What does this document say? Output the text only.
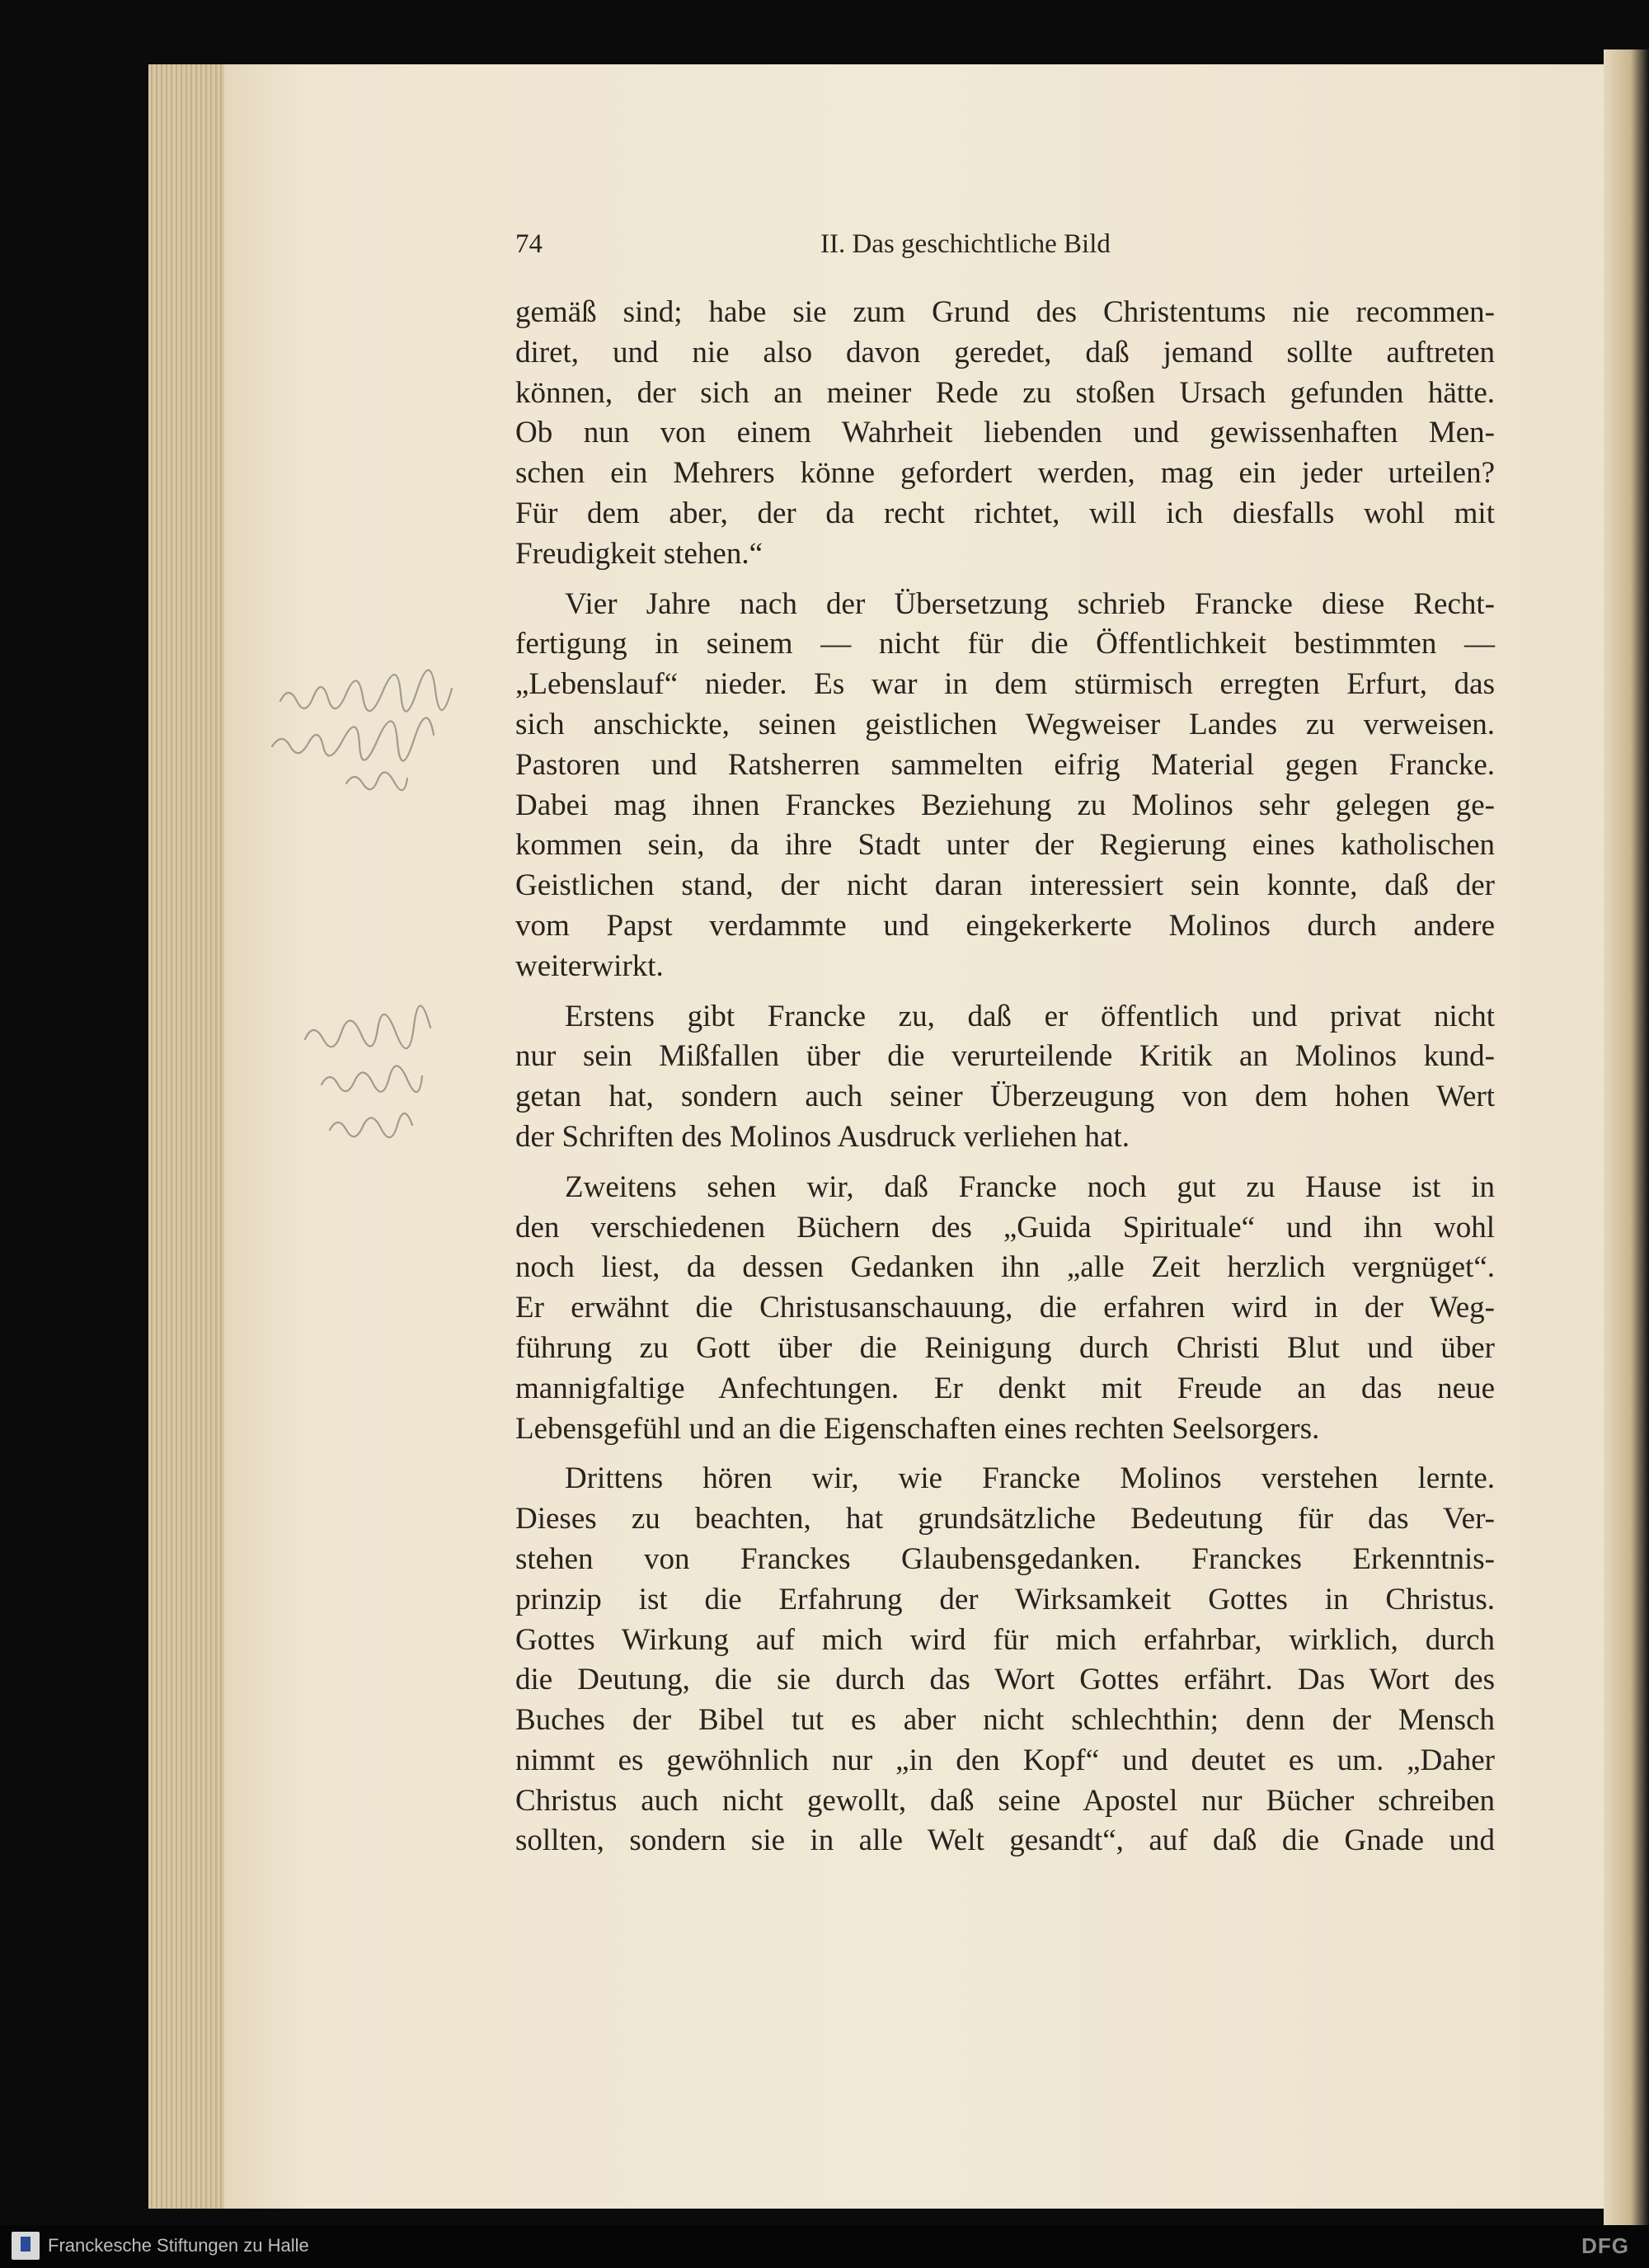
74	II. Das geschichtliche Bild
gemäß sind; habe sie zum Grund des Christentums nie recommen-
diret, und nie also davon geredet, daß jemand sollte auftreten
können, der sich an meiner Rede zu stoßen Ursach gefunden hätte.
Ob nun von einem Wahrheit liebenden und gewissenhaften Men-
schen ein Mehrers könne gefordert werden, mag ein jeder urteilen?
Für dem aber, der da recht richtet, will ich diesfalls wohl mit
Freudigkeit stehen.“
Vier Jahre nach der Übersetzung schrieb Francke diese Recht-
fertigung in seinem — nicht für die Öffentlichkeit bestimmten —
„Lebenslauf“ nieder. Es war in dem stürmisch erregten Erfurt, das
sich anschickte, seinen geistlichen Wegweiser Landes zu verweisen.
Pastoren und Ratsherren sammelten eifrig Material gegen Francke.
Dabei mag ihnen Franckes Beziehung zu Molinos sehr gelegen ge-
kommen sein, da ihre Stadt unter der Regierung eines katholischen
Geistlichen stand, der nicht daran interessiert sein konnte, daß der
vom Papst verdammte und eingekerkerte Molinos durch andere
weiterwirkt.
Erstens gibt Francke zu, daß er öffentlich und privat nicht
nur sein Mißfallen über die verurteilende Kritik an Molinos kund-
getan hat, sondern auch seiner Überzeugung von dem hohen Wert
der Schriften des Molinos Ausdruck verliehen hat.
Zweitens sehen wir, daß Francke noch gut zu Hause ist in
den verschiedenen Büchern des „Guida Spirituale“ und ihn wohl
noch liest, da dessen Gedanken ihn „alle Zeit herzlich vergnüget“.
Er erwähnt die Christusanschauung, die erfahren wird in der Weg-
führung zu Gott über die Reinigung durch Christi Blut und über
mannigfaltige Anfechtungen. Er denkt mit Freude an das neue
Lebensgefühl und an die Eigenschaften eines rechten Seelsorgers.
Drittens hören wir, wie Francke Molinos verstehen lernte.
Dieses zu beachten, hat grundsätzliche Bedeutung für das Ver-
stehen von Franckes Glaubensgedanken. Franckes Erkenntnis-
prinzip ist die Erfahrung der Wirksamkeit Gottes in Christus.
Gottes Wirkung auf mich wird für mich erfahrbar, wirklich, durch
die Deutung, die sie durch das Wort Gottes erfährt. Das Wort des
Buches der Bibel tut es aber nicht schlechthin; denn der Mensch
nimmt es gewöhnlich nur „in den Kopf“ und deutet es um. „Daher
Christus auch nicht gewollt, daß seine Apostel nur Bücher schreiben
sollten, sondern sie in alle Welt gesandt“, auf daß die Gnade und
Franckesche Stiftungen zu Halle	DFG
